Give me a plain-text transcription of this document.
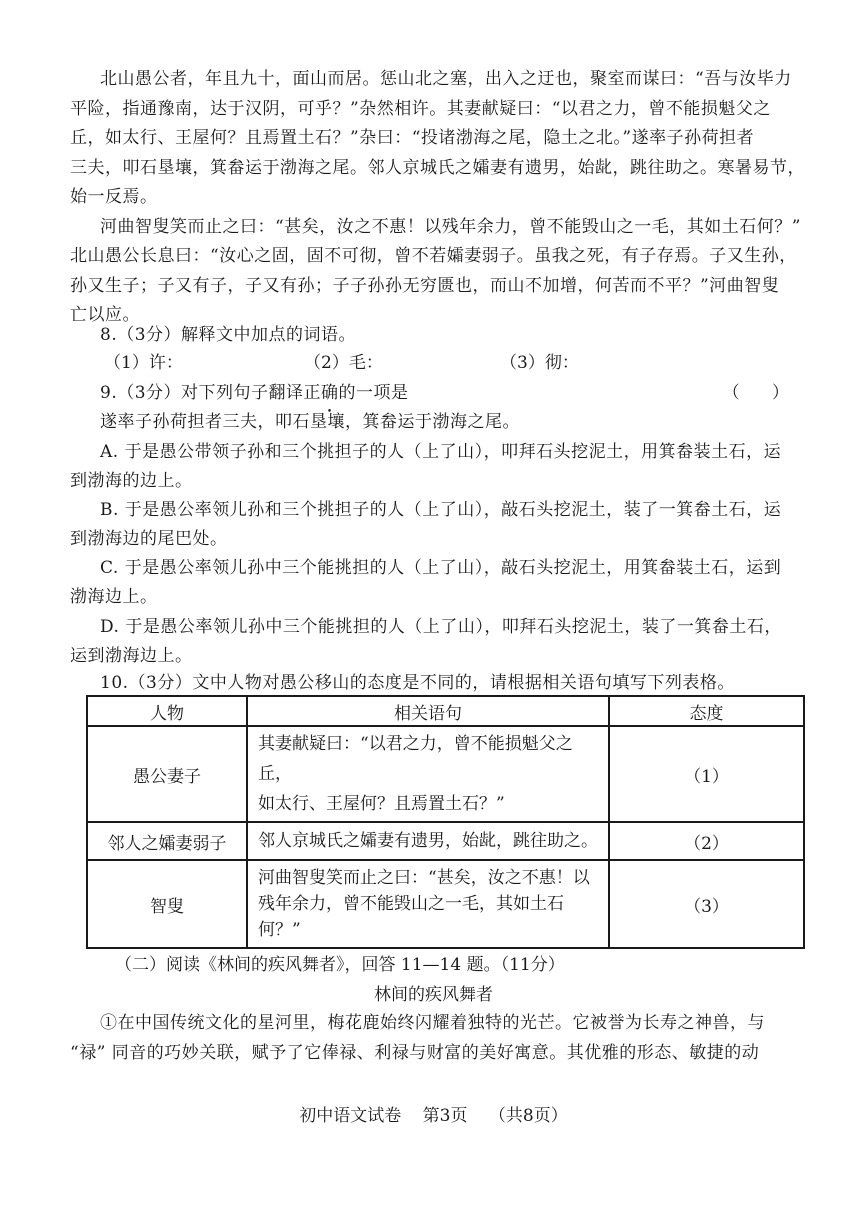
北山愚公者，年且九十，面山而居。惩山北之塞，出入之迂也，聚室而谋曰：“吾与汝毕力
平险，指通豫南，达于汉阴，可乎？”杂然相许。其妻献疑曰：“以君之力，曾不能损魁父之
丘，如太行、王屋何？且焉置土石？”杂曰：“投诸渤海之尾，隐土之北。”遂率子孙荷担者
三夫，叩石垦壤，箕畚运于渤海之尾。邻人京城氏之孀妻有遗男，始龀，跳往助之。寒暑易节，
始一反焉。
河曲智叟笑而止之曰：“甚矣，汝之不惠！以残年余力，曾不能毁山之一毛，其如土石何？”
北山愚公长息曰：“汝心之固，固不可彻，曾不若孀妻弱子。虽我之死，有子存焉。子又生孙，
孙又生子；子又有子，子又有孙；子子孙孙无穷匮也，而山不加增，何苦而不平？”河曲智叟
亡以应。
8.（3分）解释文中加点的词语。
（1）许：	（2）毛：	（3）彻：
9.（3分）对下列句子翻译正确的一项是	（      ）
遂率子孙荷担者三夫，叩石垦壤，箕畚运于渤海之尾。
A. 于是愚公带领子孙和三个挑担子的人（上了山），叩拜石头挖泥土，用箕畚装土石，运
到渤海的边上。
B. 于是愚公率领儿孙和三个挑担子的人（上了山），敲石头挖泥土，装了一箕畚土石，运
到渤海边的尾巴处。
C. 于是愚公率领儿孙中三个能挑担的人（上了山），敲石头挖泥土，用箕畚装土石，运到
渤海边上。
D. 于是愚公率领儿孙中三个能挑担的人（上了山），叩拜石头挖泥土，装了一箕畚土石，
运到渤海边上。
10.（3分）文中人物对愚公移山的态度是不同的，请根据相关语句填写下列表格。
人物	相关语句	态度
愚公妻子	其妻献疑曰：“以君之力，曾不能损魁父之丘，
如太行、王屋何？且焉置土石？”	（1）
邻人之孀妻弱子	邻人京城氏之孀妻有遗男，始龀，跳往助之。	（2）
智叟	河曲智叟笑而止之曰：“甚矣，汝之不惠！以
残年余力，曾不能毁山之一毛，其如土石
何？”	（3）
（二）阅读《林间的疾风舞者》，回答 11—14 题。（11分）
林间的疾风舞者
①在中国传统文化的星河里，梅花鹿始终闪耀着独特的光芒。它被誉为长寿之神兽，与
“禄” 同音的巧妙关联，赋予了它俸禄、利禄与财富的美好寓意。其优雅的形态、敏捷的动
初中语文试卷 第3页 （共8页）
